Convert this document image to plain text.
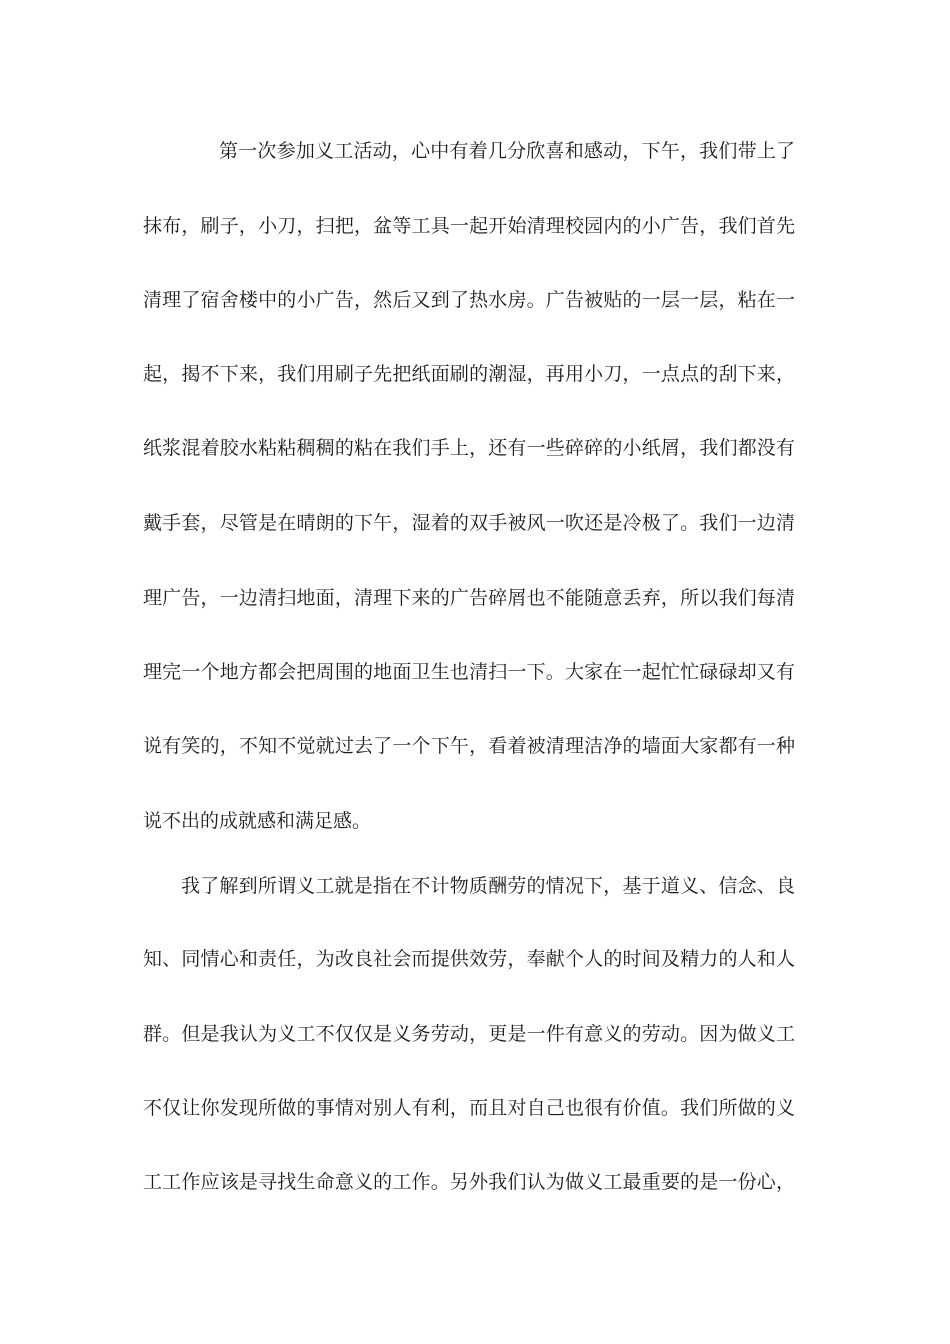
第一次参加义工活动，心中有着几分欣喜和感动，下午，我们带上了
抹布，刷子，小刀，扫把，盆等工具一起开始清理校园内的小广告，我们首先
清理了宿舍楼中的小广告，然后又到了热水房。广告被贴的一层一层，粘在一
起，揭不下来，我们用刷子先把纸面刷的潮湿，再用小刀，一点点的刮下来，
纸浆混着胶水粘粘稠稠的粘在我们手上，还有一些碎碎的小纸屑，我们都没有
戴手套，尽管是在晴朗的下午，湿着的双手被风一吹还是冷极了。我们一边清
理广告，一边清扫地面，清理下来的广告碎屑也不能随意丢弃，所以我们每清
理完一个地方都会把周围的地面卫生也清扫一下。大家在一起忙忙碌碌却又有
说有笑的，不知不觉就过去了一个下午，看着被清理洁净的墙面大家都有一种
说不出的成就感和满足感。
我了解到所谓义工就是指在不计物质酬劳的情况下，基于道义、信念、良
知、同情心和责任，为改良社会而提供效劳，奉献个人的时间及精力的人和人
群。但是我认为义工不仅仅是义务劳动，更是一件有意义的劳动。因为做义工
不仅让你发现所做的事情对别人有利，而且对自己也很有价值。我们所做的义
工工作应该是寻找生命意义的工作。另外我们认为做义工最重要的是一份心，
